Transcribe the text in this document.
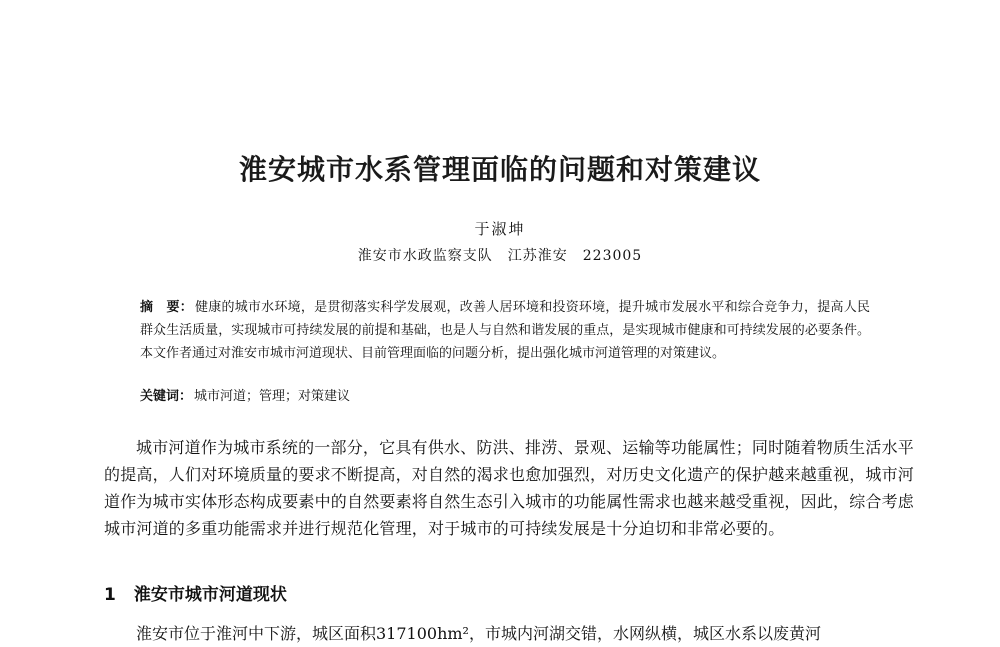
淮安城市水系管理面临的问题和对策建议
于淑坤
淮安市水政监察支队　江苏淮安　223005
摘　要： 健康的城市水环境，是贯彻落实科学发展观，改善人居环境和投资环境，提升城市发展水平和综合竞争力，提高人民群众生活质量，实现城市可持续发展的前提和基础，也是人与自然和谐发展的重点，是实现城市健康和可持续发展的必要条件。本文作者通过对淮安市城市河道现状、目前管理面临的问题分析，提出强化城市河道管理的对策建议。
关键词： 城市河道；管理；对策建议
城市河道作为城市系统的一部分，它具有供水、防洪、排涝、景观、运输等功能属性；同时随着物质生活水平的提高，人们对环境质量的要求不断提高，对自然的渴求也愈加强烈，对历史文化遗产的保护越来越重视，城市河道作为城市实体形态构成要素中的自然要素将自然生态引入城市的功能属性需求也越来越受重视，因此，综合考虑城市河道的多重功能需求并进行规范化管理，对于城市的可持续发展是十分迫切和非常必要的。
1 淮安市城市河道现状
淮安市位于淮河中下游，城区面积317100hm²，市城内河湖交错，水网纵横，城区水系以废黄河
